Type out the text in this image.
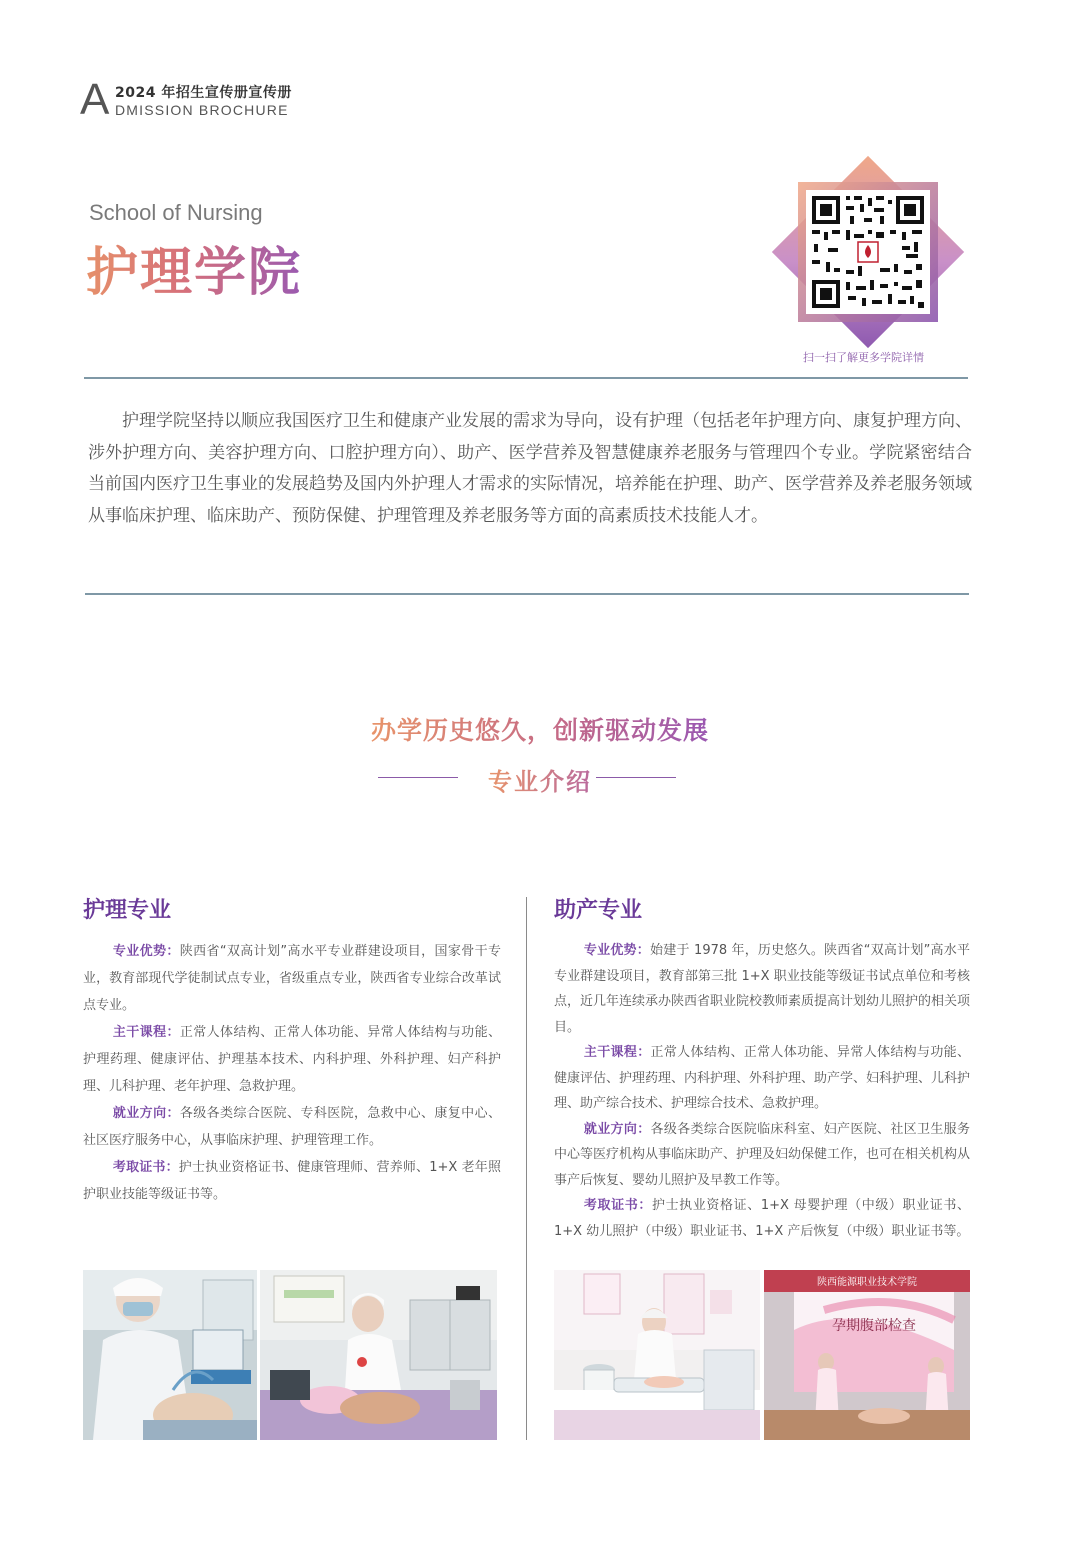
A 2024 年招生宣传册宣传册
DMISSION BROCHURE
School of Nursing
护理学院
扫一扫了解更多学院详情

护理学院坚持以顺应我国医疗卫生和健康产业发展的需求为导向，设有护理（包括老年护理方向、康复护理方向、涉外护理方向、美容护理方向、口腔护理方向）、助产、医学营养及智慧健康养老服务与管理四个专业。学院紧密结合当前国内医疗卫生事业的发展趋势及国内外护理人才需求的实际情况，培养能在护理、助产、医学营养及养老服务领域从事临床护理、临床助产、预防保健、护理管理及养老服务等方面的高素质技术技能人才。

办学历史悠久，创新驱动发展
专业介绍
护理专业

专业优势：陕西省“双高计划”高水平专业群建设项目，国家骨干专业，教育部现代学徒制试点专业，省级重点专业，陕西省专业综合改革试点专业。

主干课程：正常人体结构、正常人体功能、异常人体结构与功能、护理药理、健康评估、护理基本技术、内科护理、外科护理、妇产科护理、儿科护理、老年护理、急救护理。

就业方向：各级各类综合医院、专科医院，急救中心、康复中心、社区医疗服务中心，从事临床护理、护理管理工作。

考取证书：护士执业资格证书、健康管理师、营养师、1+X 老年照护职业技能等级证书等。

助产专业

专业优势：始建于 1978 年，历史悠久。陕西省“双高计划”高水平专业群建设项目，教育部第三批 1+X 职业技能等级证书试点单位和考核点，近几年连续承办陕西省职业院校教师素质提高计划幼儿照护的相关项目。

主干课程：正常人体结构、正常人体功能、异常人体结构与功能、健康评估、护理药理、内科护理、外科护理、助产学、妇科护理、儿科护理、助产综合技术、护理综合技术、急救护理。

就业方向：各级各类综合医院临床科室、妇产医院、社区卫生服务中心等医疗机构从事临床助产、护理及妇幼保健工作，也可在相关机构从事产后恢复、婴幼儿照护及早教工作等。

考取证书：护士执业资格证、1+X 母婴护理（中级）职业证书、1+X 幼儿照护（中级）职业证书、1+X 产后恢复（中级）职业证书等。

陕西能源职业技术学院
孕期腹部检查
